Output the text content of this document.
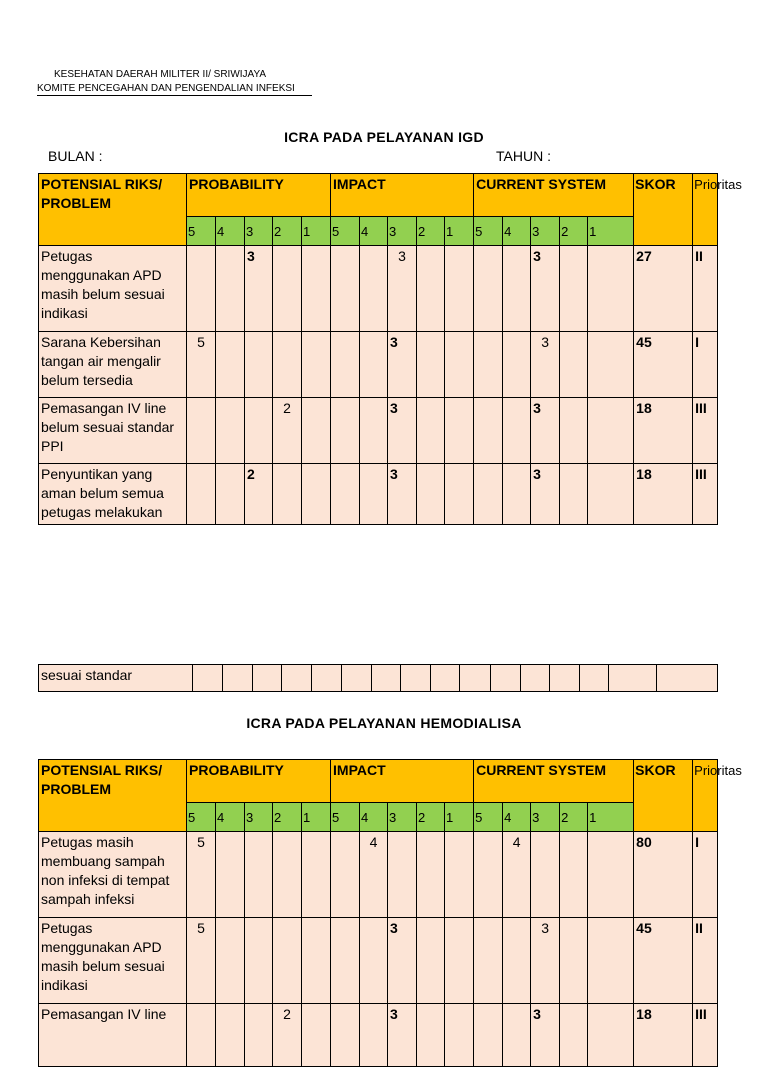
KESEHATAN DAERAH MILITER II/ SRIWIJAYA
KOMITE PENCEGAHAN DAN PENGENDALIAN INFEKSI
ICRA PADA PELAYANAN IGD
BULAN :	TAHUN :
POTENSIAL RIKS/ PROBLEM	PROBABILITY					IMPACT					CURRENT SYSTEM					SKOR	Prioritas
	5	4	3	2	1	5	4	3	2	1	5	4	3	2	1		
Petugas menggunakan APD masih belum sesuai indikasi			3					3					3			27	II
Sarana Kebersihan tangan air mengalir belum tersedia	5							3					3			45	I
Pemasangan IV line belum sesuai standar PPI				2				3					3			18	III
Penyuntikan yang aman belum semua petugas melakukan			2					3					3			18	III
sesuai standar																
ICRA PADA PELAYANAN HEMODIALISA
POTENSIAL RIKS/ PROBLEM	PROBABILITY					IMPACT					CURRENT SYSTEM					SKOR	Prioritas
	5	4	3	2	1	5	4	3	2	1	5	4	3	2	1		
Petugas masih membuang sampah non infeksi di tempat sampah infeksi	5						4					4				80	I
Petugas menggunakan APD masih belum sesuai indikasi	5							3					3			45	II
Pemasangan IV line				2				3					3			18	III
